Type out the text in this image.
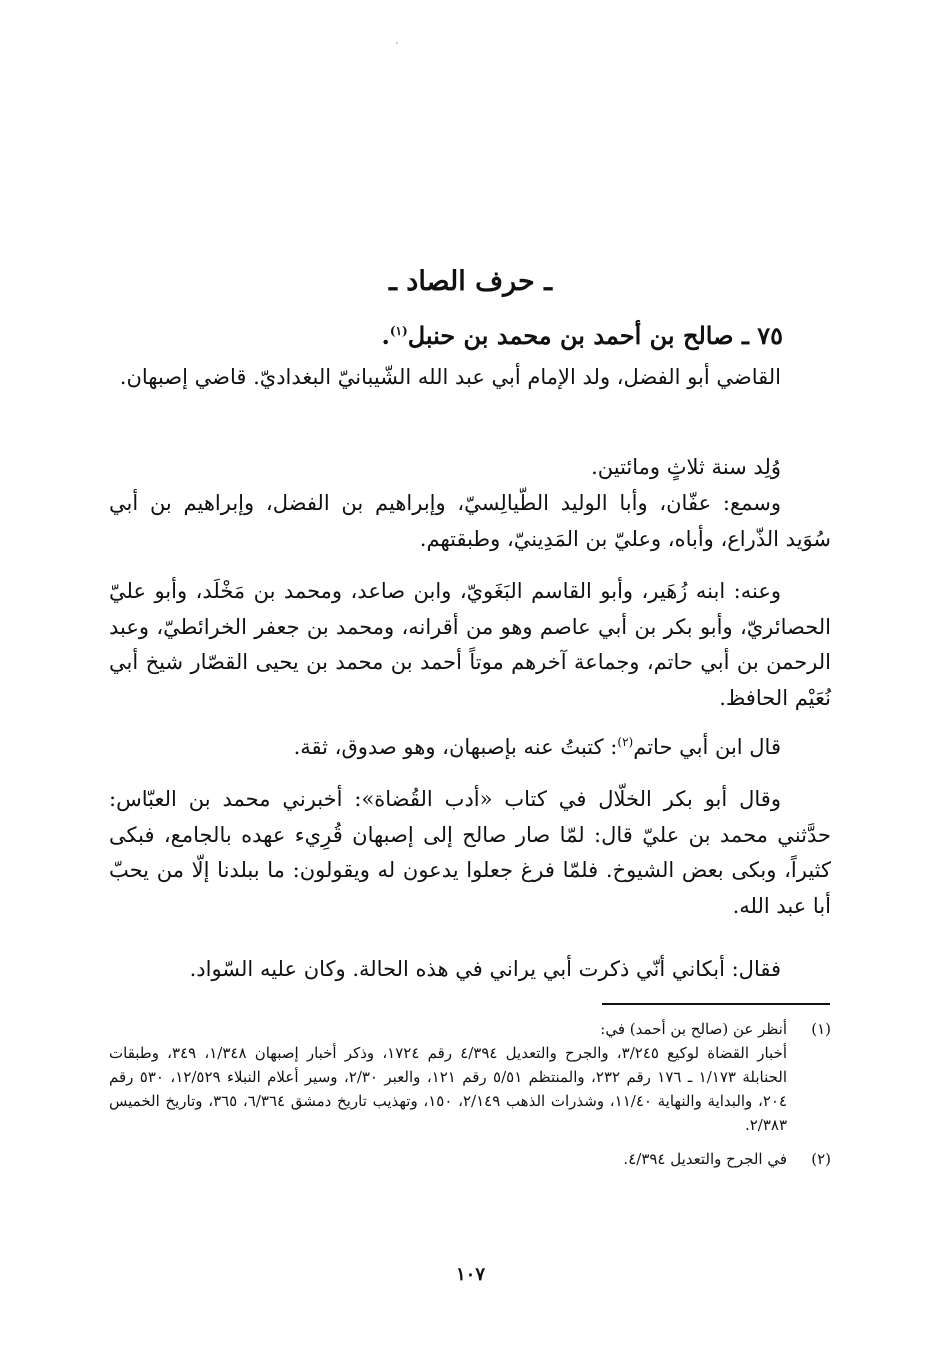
ـ حرف الصاد ـ
٧٥ ـ صالح بن أحمد بن محمد بن حنبل$^{(١)}$.

القاضي أبو الفضل، ولد الإمام أبي عبد الله الشّيبانيّ البغداديّ. قاضي إصبهان.

وُلِد سنة ثلاثٍ ومائتين.

وسمع: عفّان، وأبا الوليد الطّيالِسيّ، وإبراهيم بن الفضل، وإبراهيم بن أبي سُوَيد الذّراع، وأباه، وعليّ بن المَدِينيّ، وطبقتهم.

وعنه: ابنه زُهَير، وأبو القاسم البَغَويّ، وابن صاعد، ومحمد بن مَخْلَد، وأبو عليّ الحصائريّ، وأبو بكر بن أبي عاصم وهو من أقرانه، ومحمد بن جعفر الخرائطيّ، وعبد الرحمن بن أبي حاتم، وجماعة آخرهم موتاً أحمد بن محمد بن يحيى القصّار شيخ أبي نُعَيْم الحافظ.

قال ابن أبي حاتم$^{(٢)}$: كتبتُ عنه بإصبهان، وهو صدوق، ثقة.

وقال أبو بكر الخلّال في كتاب «أدب القُضاة»: أخبرني محمد بن العبّاس: حدَّثني محمد بن عليّ قال: لمّا صار صالح إلى إصبهان قُرِيء عهده بالجامع، فبكى كثيراً، وبكى بعض الشيوخ. فلمّا فرغ جعلوا يدعون له ويقولون: ما ببلدنا إلّا من يحبّ أبا عبد الله.

فقال: أبكاني أنّي ذكرت أبي يراني في هذه الحالة. وكان عليه السّواد.

(١)

أنظر عن (صالح بن أحمد) في:

أخبار القضاة لوكيع ٣/٢٤٥، والجرح والتعديل ٤/٣٩٤ رقم ١٧٢٤، وذكر أخبار إصبهان ١/٣٤٨، ٣٤٩، وطبقات الحنابلة ١/١٧٣ ـ ١٧٦ رقم ٢٣٢، والمنتظم ٥/٥١ رقم ١٢١، والعبر ٢/٣٠، وسير أعلام النبلاء ١٢/٥٢٩، ٥٣٠ رقم ٢٠٤، والبداية والنهاية ١١/٤٠، وشذرات الذهب ٢/١٤٩، ١٥٠، وتهذيب تاريخ دمشق ٦/٣٦٤، ٣٦٥، وتاريخ الخميس ٢/٣٨٣.

(٢)

في الجرح والتعديل ٤/٣٩٤.

١٠٧
